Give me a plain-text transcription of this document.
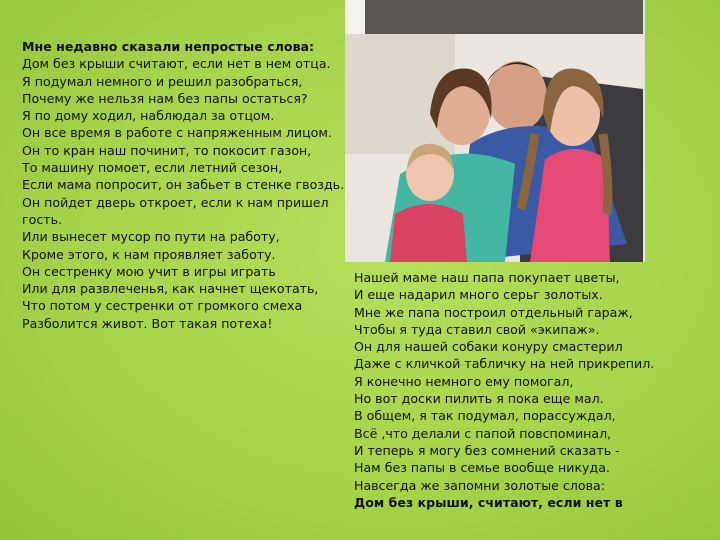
Мне недавно сказали непростые слова:
Дом без крыши считают, если нет в нем отца.
Я подумал немного и решил разобраться,
Почему же нельзя нам без папы остаться?
Я по дому ходил, наблюдал за отцом.
Он все время в работе с напряженным лицом.
Он то кран наш починит, то покосит газон,
То машину помоет, если летний сезон,
Если мама попросит, он забьет в стенке гвоздь.
Он пойдет дверь откроет, если к нам пришел гость.
Или вынесет мусор по пути на работу,
Кроме этого, к нам проявляет заботу.
Он сестренку мою учит в игры играть
Или для развлеченья, как начнет щекотать,
Что потом у сестренки от громкого смеха
Разболится живот. Вот такая потеха!
Нашей маме наш папа покупает цветы,
И еще надарил много серьг золотых.
Мне же папа построил отдельный гараж,
Чтобы я туда ставил свой «экипаж».
Он для нашей собаки конуру смастерил
Даже с кличкой табличку на ней прикрепил.
Я конечно немного ему помогал,
Но вот доски пилить я пока еще мал.
В общем, я так подумал, порассуждал,
Всё ,что делали с папой повспоминал,
И теперь я могу без сомнений сказать -
Нам без папы в семье вообще никуда.
Навсегда же запомни золотые слова:
Дом без крыши, считают, если нет в
